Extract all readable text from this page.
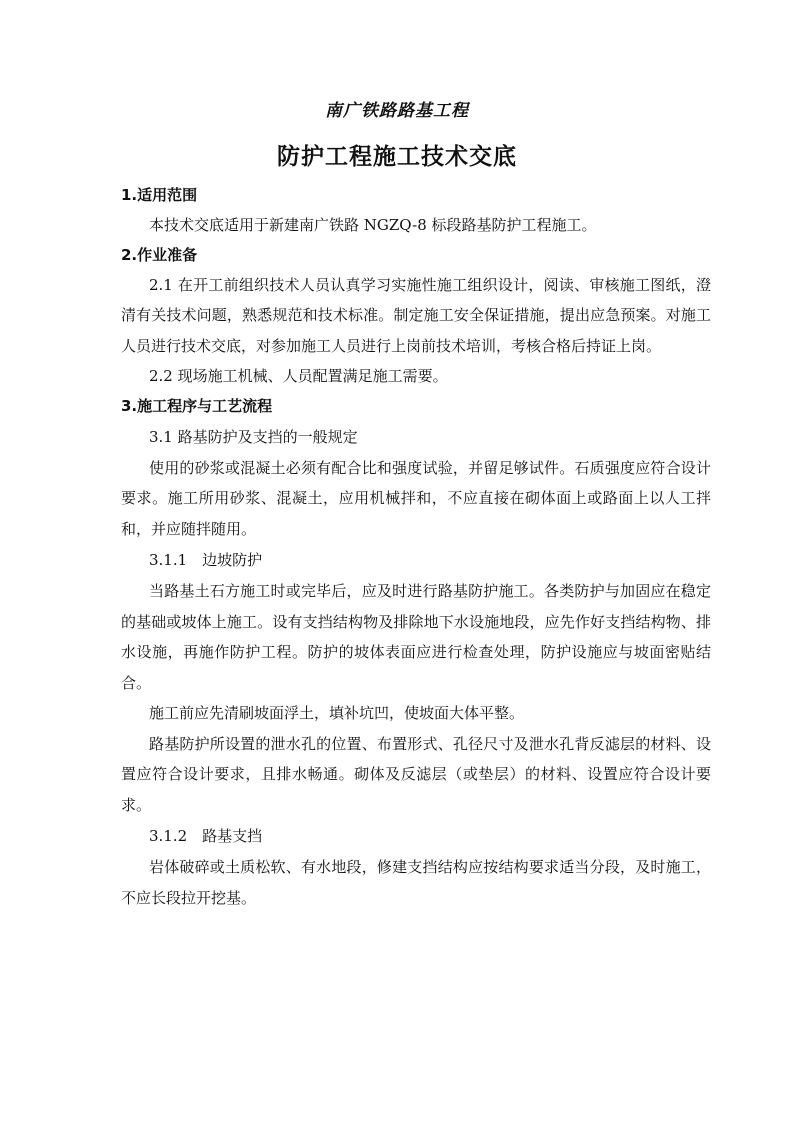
南广铁路路基工程
防护工程施工技术交底

1.适用范围

本技术交底适用于新建南广铁路 NGZQ-8 标段路基防护工程施工。

2.作业准备

2.1 在开工前组织技术人员认真学习实施性施工组织设计，阅读、审核施工图纸，澄清有关技术问题，熟悉规范和技术标准。制定施工安全保证措施，提出应急预案。对施工人员进行技术交底，对参加施工人员进行上岗前技术培训，考核合格后持证上岗。

2.2 现场施工机械、人员配置满足施工需要。

3.施工程序与工艺流程

3.1 路基防护及支挡的一般规定

使用的砂浆或混凝土必须有配合比和强度试验，并留足够试件。石质强度应符合设计要求。施工所用砂浆、混凝土，应用机械拌和，不应直接在砌体面上或路面上以人工拌和，并应随拌随用。

3.1.1　边坡防护

当路基土石方施工时或完毕后，应及时进行路基防护施工。各类防护与加固应在稳定的基础或坡体上施工。设有支挡结构物及排除地下水设施地段，应先作好支挡结构物、排水设施，再施作防护工程。防护的坡体表面应进行检查处理，防护设施应与坡面密贴结合。

施工前应先清刷坡面浮土，填补坑凹，使坡面大体平整。

路基防护所设置的泄水孔的位置、布置形式、孔径尺寸及泄水孔背反滤层的材料、设置应符合设计要求，且排水畅通。砌体及反滤层（或垫层）的材料、设置应符合设计要求。

3.1.2　路基支挡

岩体破碎或土质松软、有水地段，修建支挡结构应按结构要求适当分段，及时施工，不应长段拉开挖基。
